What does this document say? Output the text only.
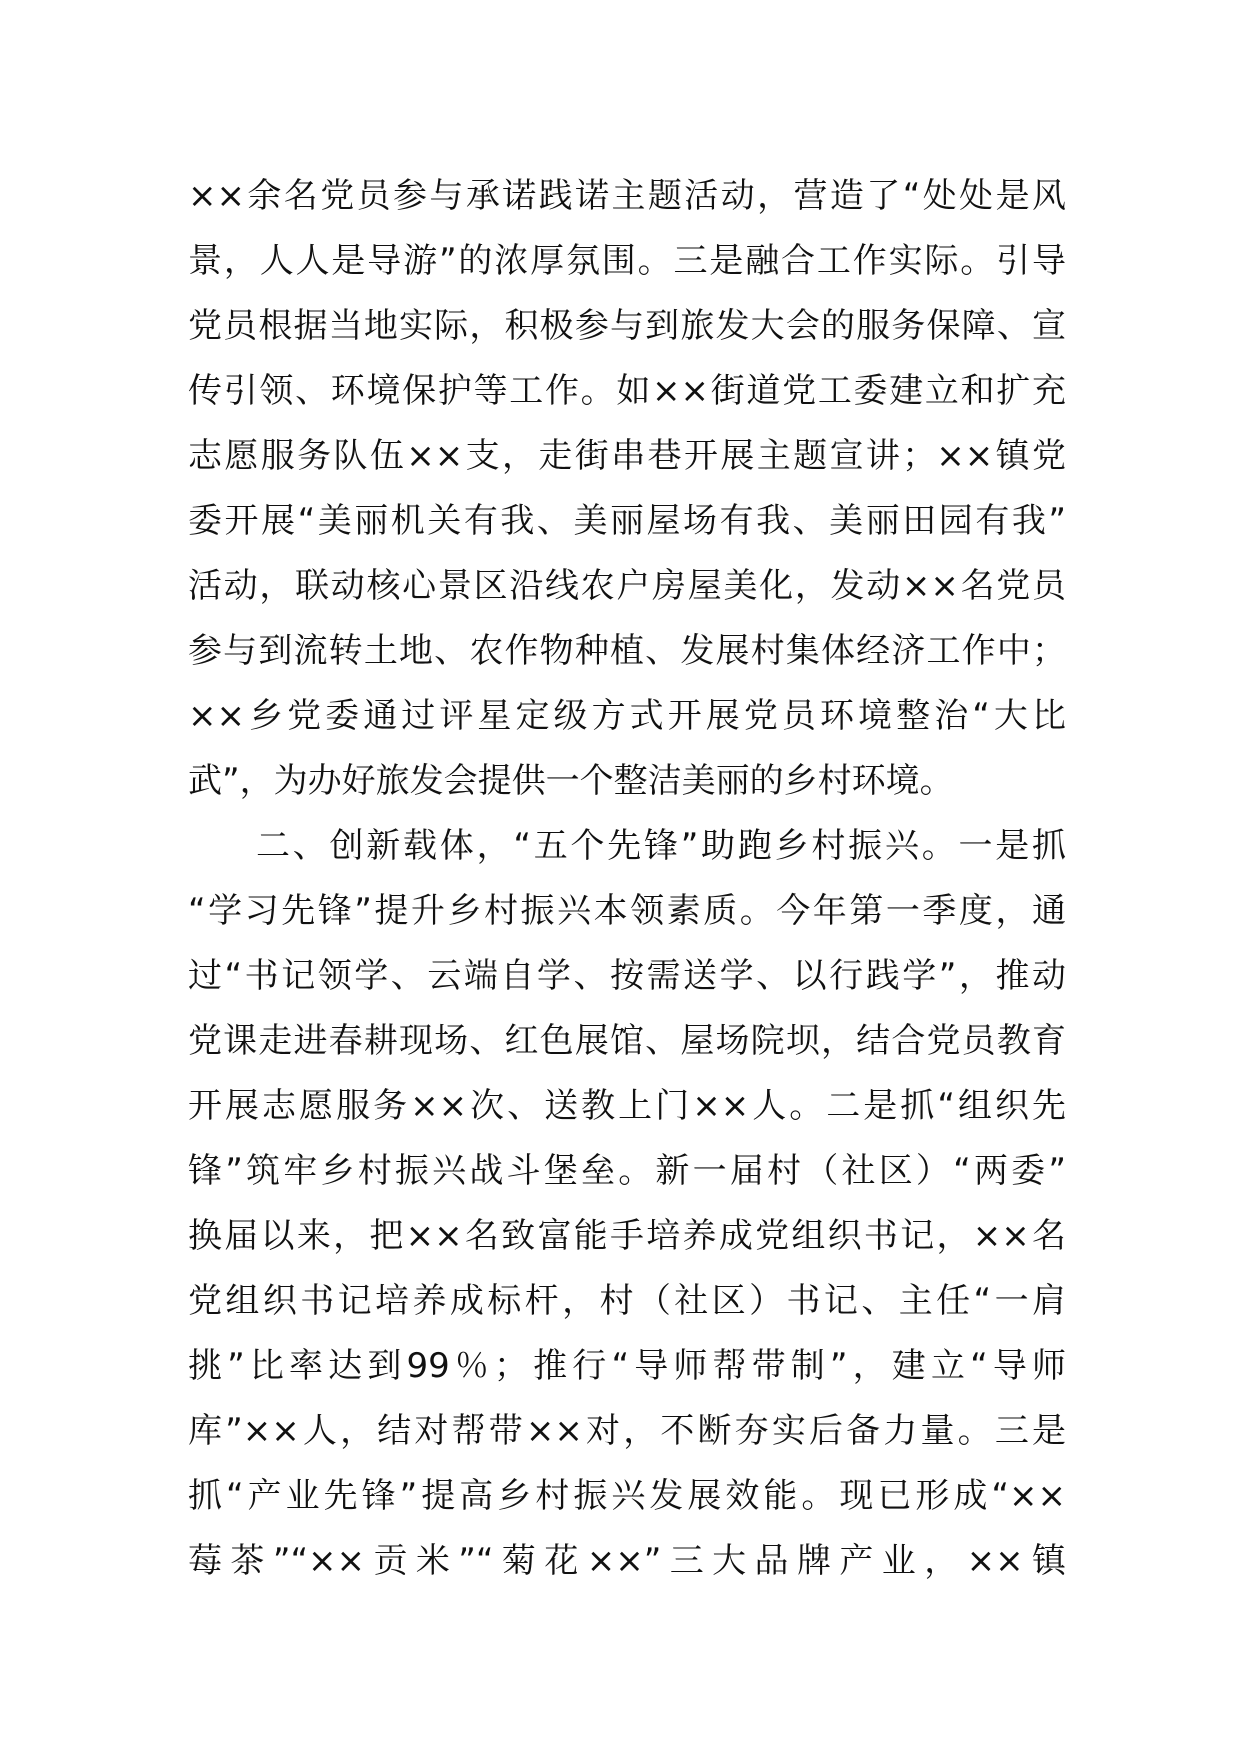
××余名党员参与承诺践诺主题活动，营造了“处处是风
景，人人是导游”的浓厚氛围。三是融合工作实际。引导
党员根据当地实际，积极参与到旅发大会的服务保障、宣
传引领、环境保护等工作。如××街道党工委建立和扩充
志愿服务队伍××支，走街串巷开展主题宣讲；××镇党
委开展“美丽机关有我、美丽屋场有我、美丽田园有我”
活动，联动核心景区沿线农户房屋美化，发动××名党员
参与到流转土地、农作物种植、发展村集体经济工作中；
××乡党委通过评星定级方式开展党员环境整治“大比
武”，为办好旅发会提供一个整洁美丽的乡村环境。
二、创新载体，“五个先锋”助跑乡村振兴。一是抓
“学习先锋”提升乡村振兴本领素质。今年第一季度，通
过“书记领学、云端自学、按需送学、以行践学”，推动
党课走进春耕现场、红色展馆、屋场院坝，结合党员教育
开展志愿服务××次、送教上门××人。二是抓“组织先
锋”筑牢乡村振兴战斗堡垒。新一届村（社区）“两委”
换届以来，把××名致富能手培养成党组织书记，××名
党组织书记培养成标杆，村（社区）书记、主任“一肩
挑”比率达到99％；推行“导师帮带制”，建立“导师
库”××人，结对帮带××对，不断夯实后备力量。三是
抓“产业先锋”提高乡村振兴发展效能。现已形成“××
莓茶”“××贡米”“菊花××”三大品牌产业，××镇
